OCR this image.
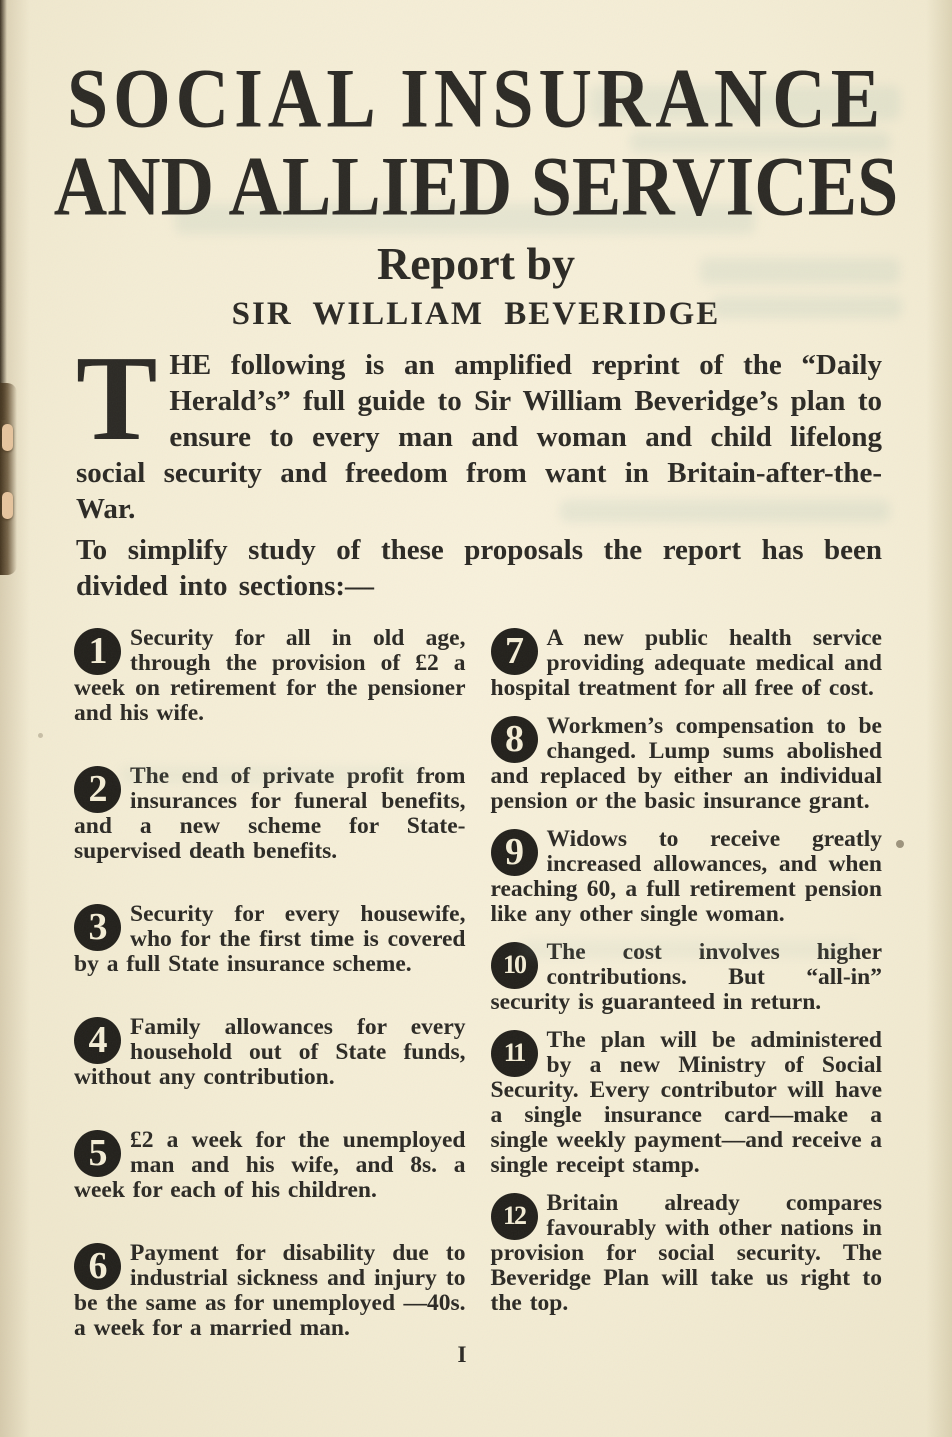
SOCIAL INSURANCE
AND ALLIED SERVICES
Report by
SIR WILLIAM BEVERIDGE

THE following is an amplified reprint of the “Daily Herald’s” full guide to Sir William Beveridge’s plan to ensure to every man and woman and child lifelong social security and freedom from want in Britain-after-the-War.

To simplify study of these proposals the report has been divided into sections:—

1	Security for all in old age, through the provision of £2 a week on retirement for the pensioner and his wife.
2	The end of private profit from insurances for funeral benefits, and a new scheme for State-supervised death benefits.
3	Security for every housewife, who for the first time is covered by a full State insurance scheme.
4	Family allowances for every household out of State funds, without any contribution.
5	£2 a week for the unemployed man and his wife, and 8s. a week for each of his children.
6	Payment for disability due to industrial sickness and injury to be the same as for unemployed —40s. a week for a married man.
7	A new public health service providing adequate medical and hospital treatment for all free of cost.
8	Workmen’s compensation to be changed. Lump sums abolished and replaced by either an individual pension or the basic insurance grant.
9	Widows to receive greatly increased allowances, and when reaching 60, a full retirement pension like any other single woman.
10 The cost involves higher contributions. But “all-in” security is guaranteed in return.
11 The plan will be administered by a new Ministry of Social Security. Every contributor will have a single insurance card—make a single weekly payment—and receive a single receipt stamp.
12 Britain already compares favourably with other nations in provision for social security. The Beveridge Plan will take us right to the top.
I
